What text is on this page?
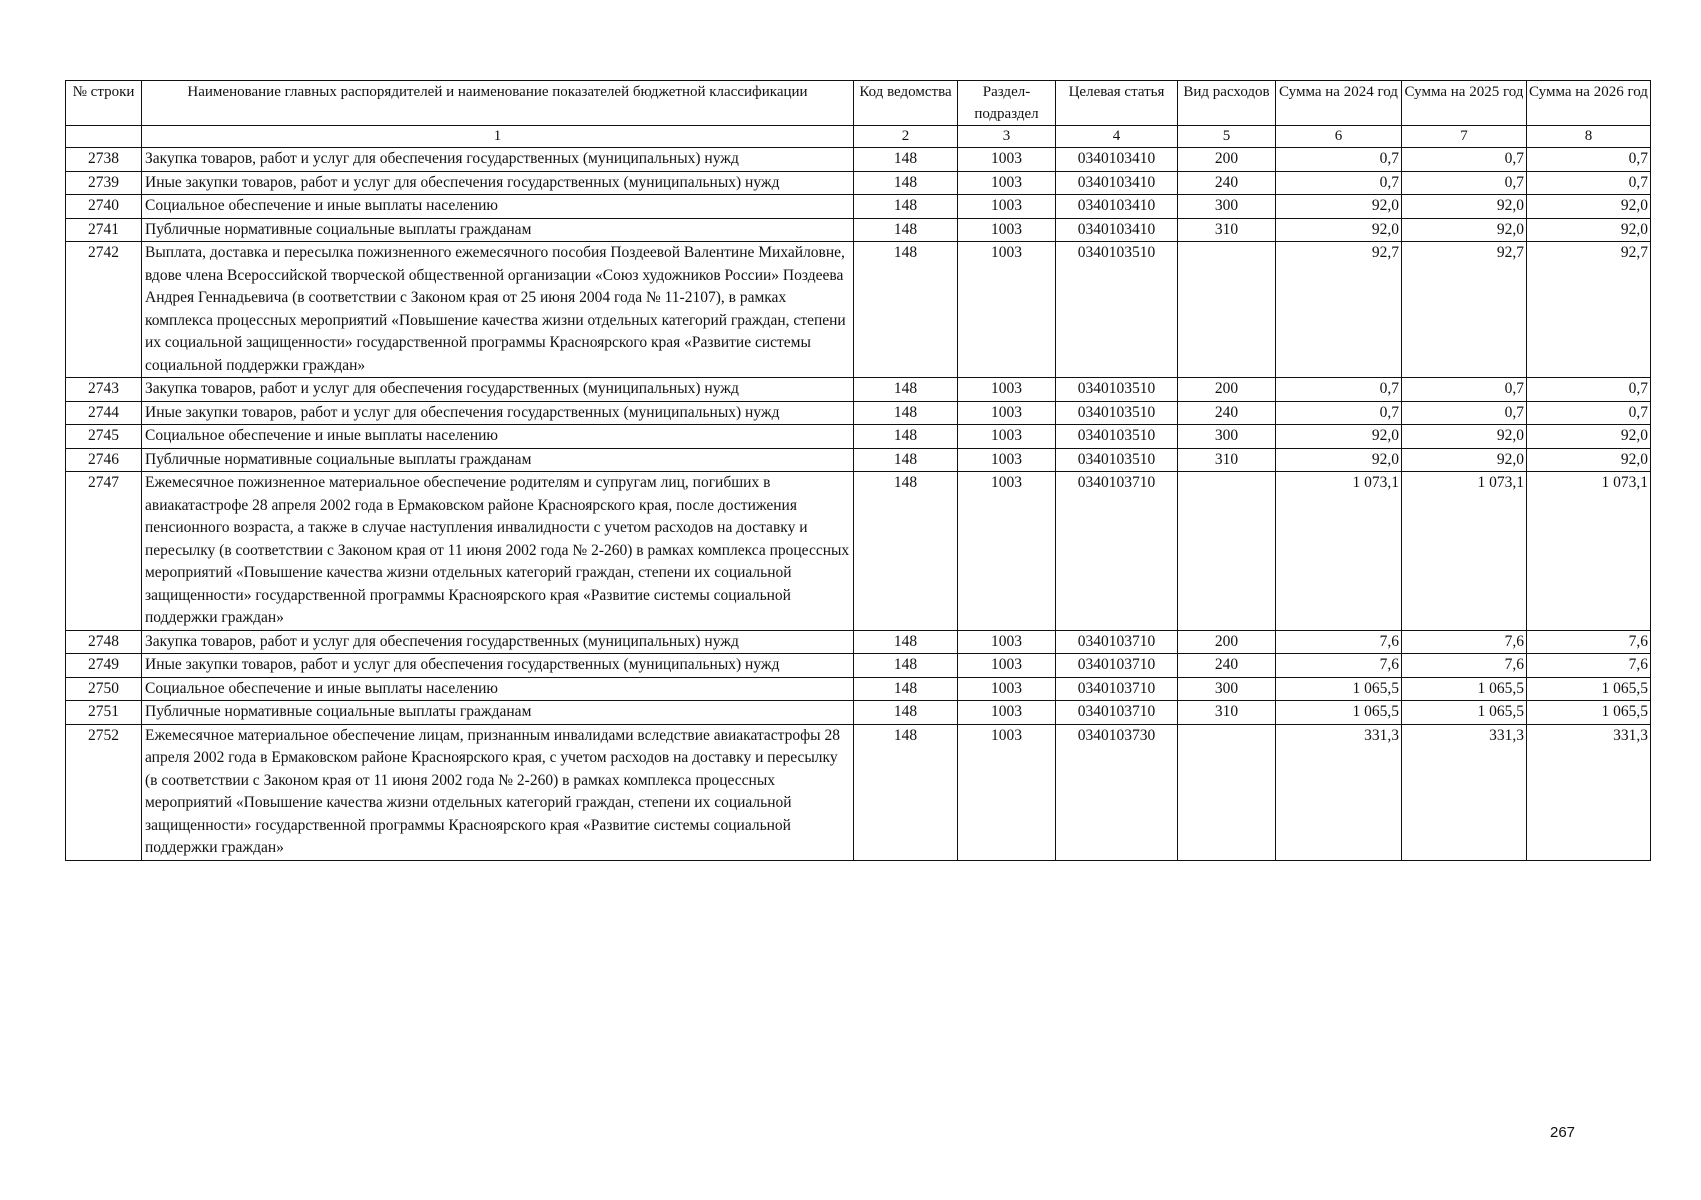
№ строки	Наименование главных распорядителей и наименование показателей бюджетной классификации	Код ведомства	Раздел-подраздел	Целевая статья	Вид расходов	Сумма на 2024 год	Сумма на 2025 год	Сумма на 2026 год
	1	2	3	4	5	6	7	8
2738	Закупка товаров, работ и услуг для обеспечения государственных (муниципальных) нужд	148	1003	0340103410	200	0,7	0,7	0,7
2739	Иные закупки товаров, работ и услуг для обеспечения государственных (муниципальных) нужд	148	1003	0340103410	240	0,7	0,7	0,7
2740	Социальное обеспечение и иные выплаты населению	148	1003	0340103410	300	92,0	92,0	92,0
2741	Публичные нормативные социальные выплаты гражданам	148	1003	0340103410	310	92,0	92,0	92,0
2742	Выплата, доставка и пересылка пожизненного ежемесячного пособия Поздеевой Валентине Михайловне, вдове члена Всероссийской творческой общественной организации «Союз художников России» Поздеева Андрея Геннадьевича (в соответствии с Законом края от 25 июня 2004 года № 11-2107), в рамках комплекса процессных мероприятий «Повышение качества жизни отдельных категорий граждан, степени их социальной защищенности» государственной программы Красноярского края «Развитие системы социальной поддержки граждан»	148	1003	0340103510		92,7	92,7	92,7
2743	Закупка товаров, работ и услуг для обеспечения государственных (муниципальных) нужд	148	1003	0340103510	200	0,7	0,7	0,7
2744	Иные закупки товаров, работ и услуг для обеспечения государственных (муниципальных) нужд	148	1003	0340103510	240	0,7	0,7	0,7
2745	Социальное обеспечение и иные выплаты населению	148	1003	0340103510	300	92,0	92,0	92,0
2746	Публичные нормативные социальные выплаты гражданам	148	1003	0340103510	310	92,0	92,0	92,0
2747	Ежемесячное пожизненное материальное обеспечение родителям и супругам лиц, погибших в авиакатастрофе 28 апреля 2002 года в Ермаковском районе Красноярского края, после достижения пенсионного возраста, а также в случае наступления инвалидности с учетом расходов на доставку и пересылку (в соответствии с Законом края от 11 июня 2002 года № 2-260) в рамках комплекса процессных мероприятий «Повышение качества жизни отдельных категорий граждан, степени их социальной защищенности» государственной программы Красноярского края «Развитие системы социальной поддержки граждан»	148	1003	0340103710		1 073,1	1 073,1	1 073,1
2748	Закупка товаров, работ и услуг для обеспечения государственных (муниципальных) нужд	148	1003	0340103710	200	7,6	7,6	7,6
2749	Иные закупки товаров, работ и услуг для обеспечения государственных (муниципальных) нужд	148	1003	0340103710	240	7,6	7,6	7,6
2750	Социальное обеспечение и иные выплаты населению	148	1003	0340103710	300	1 065,5	1 065,5	1 065,5
2751	Публичные нормативные социальные выплаты гражданам	148	1003	0340103710	310	1 065,5	1 065,5	1 065,5
2752	Ежемесячное материальное обеспечение лицам, признанным инвалидами вследствие авиакатастрофы 28 апреля 2002 года в Ермаковском районе Красноярского края, с учетом расходов на доставку и пересылку (в соответствии с Законом края от 11 июня 2002 года № 2-260) в рамках комплекса процессных мероприятий «Повышение качества жизни отдельных категорий граждан, степени их социальной защищенности» государственной программы Красноярского края «Развитие системы социальной поддержки граждан»	148	1003	0340103730		331,3	331,3	331,3
267
